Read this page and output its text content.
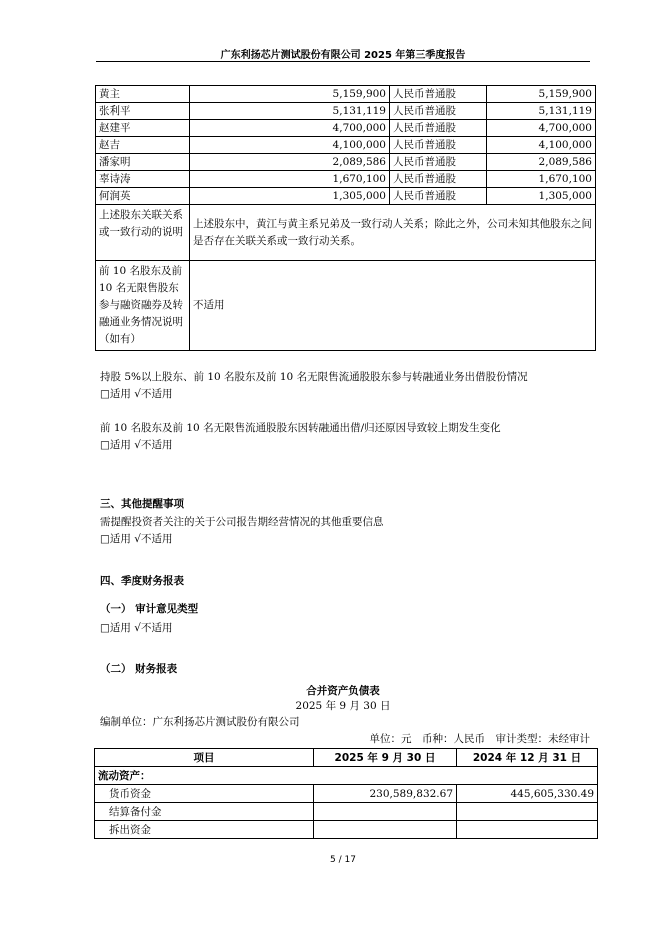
广东利扬芯片测试股份有限公司 2025 年第三季度报告
黄主	5,159,900	人民币普通股	5,159,900
张利平	5,131,119	人民币普通股	5,131,119
赵建平	4,700,000	人民币普通股	4,700,000
赵吉	4,100,000	人民币普通股	4,100,000
潘家明	2,089,586	人民币普通股	2,089,586
辜诗涛	1,670,100	人民币普通股	1,670,100
何润英	1,305,000	人民币普通股	1,305,000
上述股东关联关系或一致行动的说明	上述股东中，黄江与黄主系兄弟及一致行动人关系；除此之外，公司未知其他股东之间是否存在关联关系或一致行动关系。		
前 10 名股东及前 10 名无限售股东参与融资融券及转融通业务情况说明（如有）	不适用		
持股 5%以上股东、前 10 名股东及前 10 名无限售流通股股东参与转融通业务出借股份情况
□适用 √不适用
前 10 名股东及前 10 名无限售流通股股东因转融通出借/归还原因导致较上期发生变化
□适用 √不适用
三、其他提醒事项
需提醒投资者关注的关于公司报告期经营情况的其他重要信息
□适用 √不适用
四、季度财务报表
（一） 审计意见类型
□适用 √不适用
（二） 财务报表
合并资产负债表
2025 年 9 月 30 日
编制单位：广东利扬芯片测试股份有限公司
单位：元　币种：人民币　审计类型：未经审计
项目	2025 年 9 月 30 日	2024 年 12 月 31 日
流动资产：		
货币资金	230,589,832.67	445,605,330.49
结算备付金		
拆出资金		
5 / 17
